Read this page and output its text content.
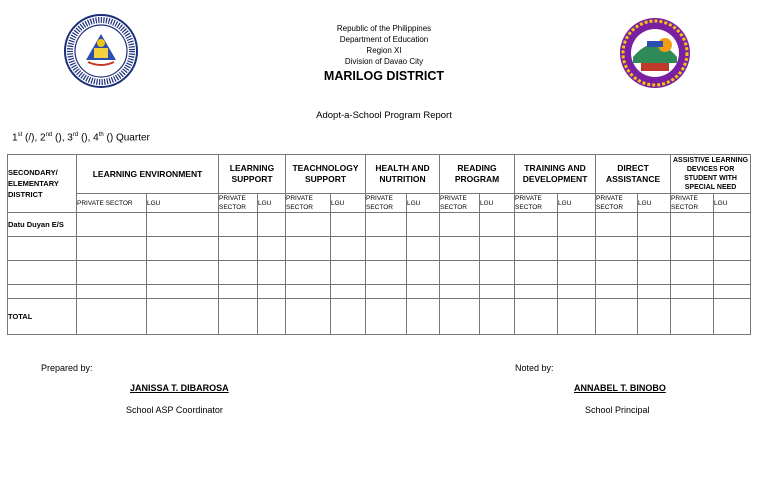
Republic of the Philippines
Department of Education
Region XI
Division of Davao City
MARILOG DISTRICT
Adopt-a-School Program Report
1st (/), 2nd (), 3rd (), 4th () Quarter
SECONDARY/
ELEMENTARY
DISTRICT	LEARNING ENVIRONMENT		LEARNING SUPPORT		TEACHNOLOGY SUPPORT		HEALTH AND NUTRITION		READING PROGRAM		TRAINING AND DEVELOPMENT		DIRECT ASSISTANCE		ASSISTIVE LEARNING DEVICES FOR STUDENT WITH SPECIAL NEED	
	PRIVATE SECTOR	LGU	PRIVATE SECTOR	LGU	PRIVATE SECTOR	LGU	PRIVATE SECTOR	LGU	PRIVATE SECTOR	LGU	PRIVATE SECTOR	LGU	PRIVATE SECTOR	LGU	PRIVATE SECTOR	LGU
Datu Duyan E/S																

TOTAL																
Prepared by:
JANISSA T. DIBAROSA
School ASP Coordinator
Noted by:
ANNABEL T. BINOBO
School Principal
